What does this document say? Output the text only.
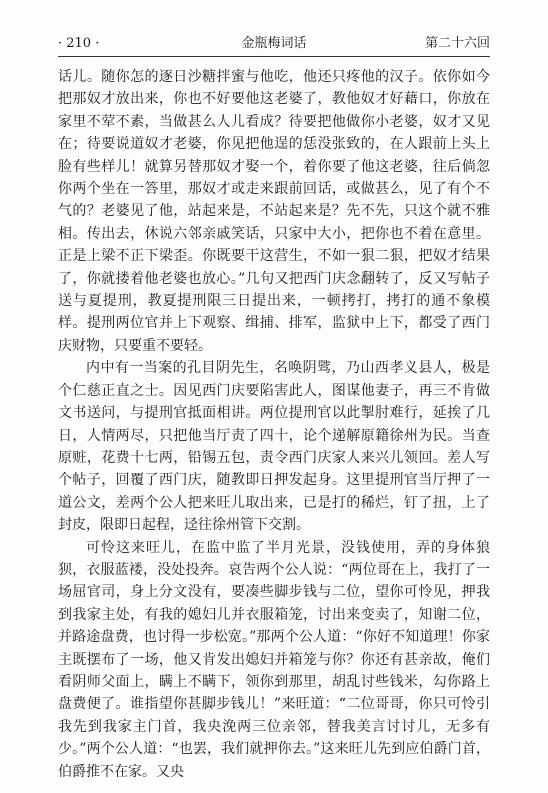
· 210 ·	金瓶梅词话	第二十六回

话儿。随你怎的逐日沙糖拌蜜与他吃，他还只疼他的汉子。依你如今把那奴才放出来，你也不好要他这老婆了，教他奴才好藉口，你放在家里不荤不素，当做甚么人儿看成？待要把他做你小老婆，奴才又见在；待要说道奴才老婆，你见把他逞的恁没张致的，在人跟前上头上脸有些样儿！就算另替那奴才娶一个，着你要了他这老婆，往后倘忽你两个坐在一答里，那奴才或走来跟前回话，或做甚么，见了有个不气的？老婆见了他，站起来是，不站起来是？先不先，只这个就不雅相。传出去，休说六邻亲戚笑话，只家中大小，把你也不着在意里。正是上梁不正下梁歪。你既要干这营生，不如一狠二狠，把奴才结果了，你就搂着他老婆也放心。”几句又把西门庆念翻转了，反又写帖子送与夏提刑，教夏提刑限三日提出来，一顿拷打，拷打的通不象模样。提刑两位官并上下观察、缉捕、排军，监狱中上下，都受了西门庆财物，只要重不要轻。

内中有一当案的孔目阴先生，名唤阴骘，乃山西孝义县人，极是个仁慈正直之士。因见西门庆要陷害此人，图谋他妻子，再三不肯做文书送问，与提刑官抵面相讲。两位提刑官以此掣肘难行，延挨了几日，人情两尽，只把他当厅责了四十，论个递解原籍徐州为民。当查原赃，花费十七两，铅锡五包，责令西门庆家人来兴儿领回。差人写个帖子，回覆了西门庆，随教即日押发起身。这里提刑官当厅押了一道公文，差两个公人把来旺儿取出来，已是打的稀烂，钉了扭，上了封皮，限即日起程，迳往徐州管下交割。

可怜这来旺儿，在监中监了半月光景，没钱使用，弄的身体狼狈，衣服蓝褛，没处投奔。哀告两个公人说：“两位哥在上，我打了一场屈官司，身上分文没有，要凑些脚步钱与二位，望你可怜见，押我到我家主处，有我的媳妇儿并衣服箱笼，讨出来变卖了，知谢二位，并路途盘费，也讨得一步松宽。”那两个公人道：“你好不知道理！你家主既摆布了一场，他又肯发出媳妇并箱笼与你？你还有甚亲故，俺们看阴师父面上，瞒上不瞒下，领你到那里，胡乱讨些钱米，勾你路上盘费便了。谁指望你甚脚步钱儿！”来旺道：“二位哥哥，你只可怜引我先到我家主门首，我央浼两三位亲邻，替我美言讨讨儿，无多有少。”两个公人道：“也罢，我们就押你去。”这来旺儿先到应伯爵门首，伯爵推不在家。又央
